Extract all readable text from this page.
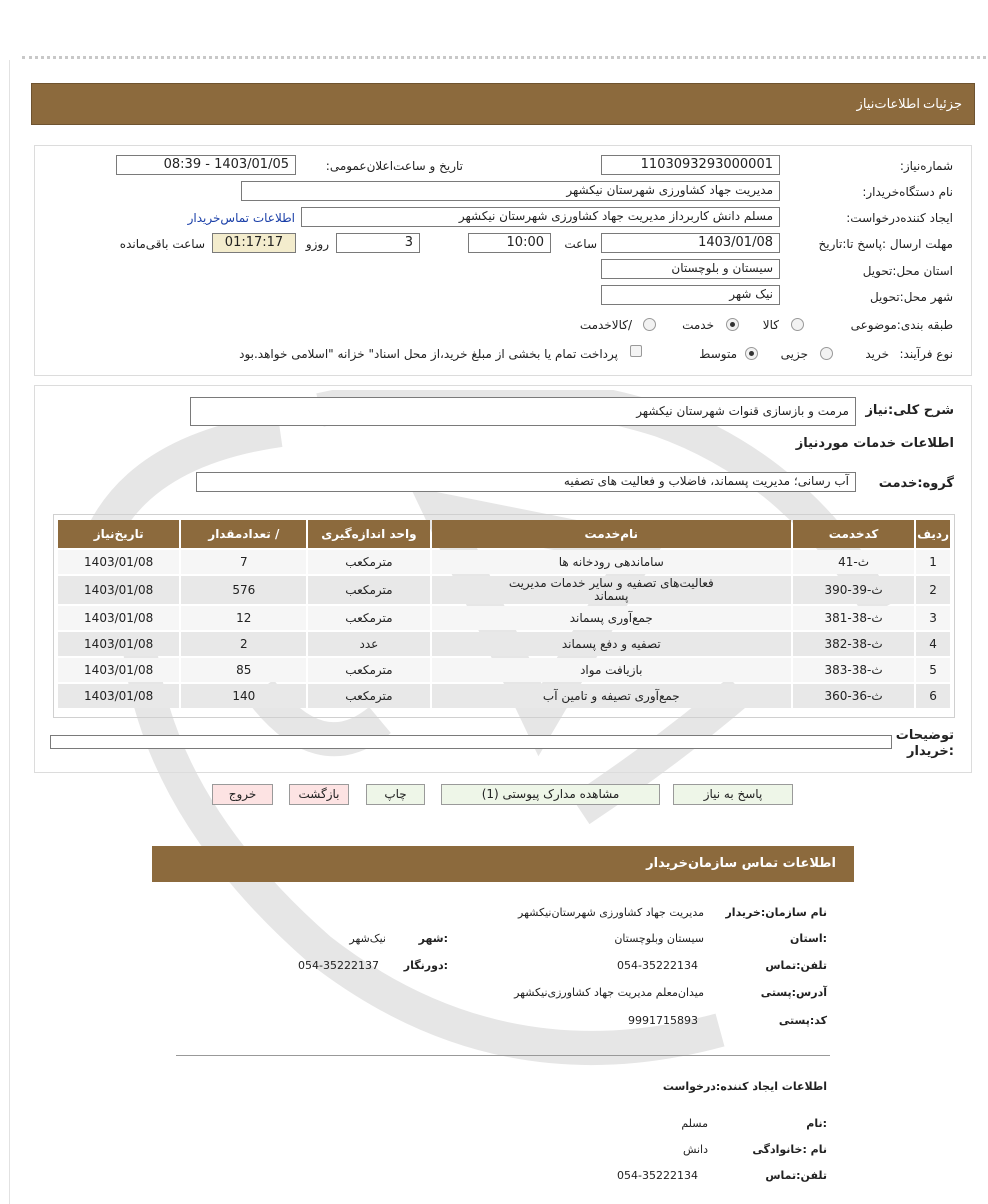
جزئیات
اطلاعات‌نیاز
شماره‌نیاز:
1103093293000001
تاریخ و ساعت‌اعلان‌عمومی:
1403/01/05 - 08:39
نام دستگاه‌خریدار:
مدیریت جهاد کشاورزی شهرستان نیکشهر
ایجاد کننده‌درخواست:
مسلم دانش کاربرداز مدیریت جهاد کشاورزی شهرستان نیکشهر
اطلاعات تماس‌خریدار
مهلت ارسال :پاسخ تا:تاریخ
1403/01/08
ساعت
10:00
3
روزو
01:17:17
ساعت باقی‌مانده
استان محل:تحویل
سیستان و بلوچستان
شهر محل:تحویل
نیک شهر
طبقه بندی:موضوعی
کالا
خدمت
/کالاخدمت
نوع فرآیند:
خرید
جزیی
متوسط
پرداخت تمام یا بخشی از مبلغ خرید،از محل اسناد" خزانه "اسلامی خواهد.بود
شرح کلی:نیاز
مرمت و بازسازی قنوات شهرستان نیکشهر
اطلاعات خدمات موردنیاز
گروه:خدمت
آب رسانی؛ مدیریت پسماند، فاضلاب و فعالیت های تصفیه
ردیف	کدخدمت	نام‌خدمت	واحد اندازه‌گیری	/ تعدادمقدار	تاریخ‌نیاز
1	ث-41	ساماندهی رودخانه ها	مترمکعب	7	1403/01/08
2	ث-39-390	فعالیت‌های تصفیه و سایر خدمات مدیریت پسماند	مترمکعب	576	1403/01/08
3	ث-38-381	جمع‌آوری پسماند	مترمکعب	12	1403/01/08
4	ث-38-382	تصفیه و دفع پسماند	عدد	2	1403/01/08
5	ث-38-383	بازیافت مواد	مترمکعب	85	1403/01/08
6	ث-36-360	جمع‌آوری تصیفه و تامین آب	مترمکعب	140	1403/01/08
توضیحات :خریدار
پاسخ به نیاز
مشاهده مدارک پیوستی (1)
چاپ
بازگشت
خروج
اطلاعات تماس سازمان‌خریدار
نام سازمان:خریدار
مدیریت جهاد کشاورزی شهرستان‌نیکشهر
:استان
سیستان وبلوچستان
:شهر
نیک‌شهر
تلفن:تماس
054-35222134
:دورنگار
054-35222137
آدرس:پستی
میدان‌معلم مدیریت جهاد کشاورزی‌نیکشهر
کد:پستی
9991715893
اطلاعات ایجاد کننده:درخواست
:نام
مسلم
نام :خانوادگی
دانش
تلفن:تماس
054-35222134
